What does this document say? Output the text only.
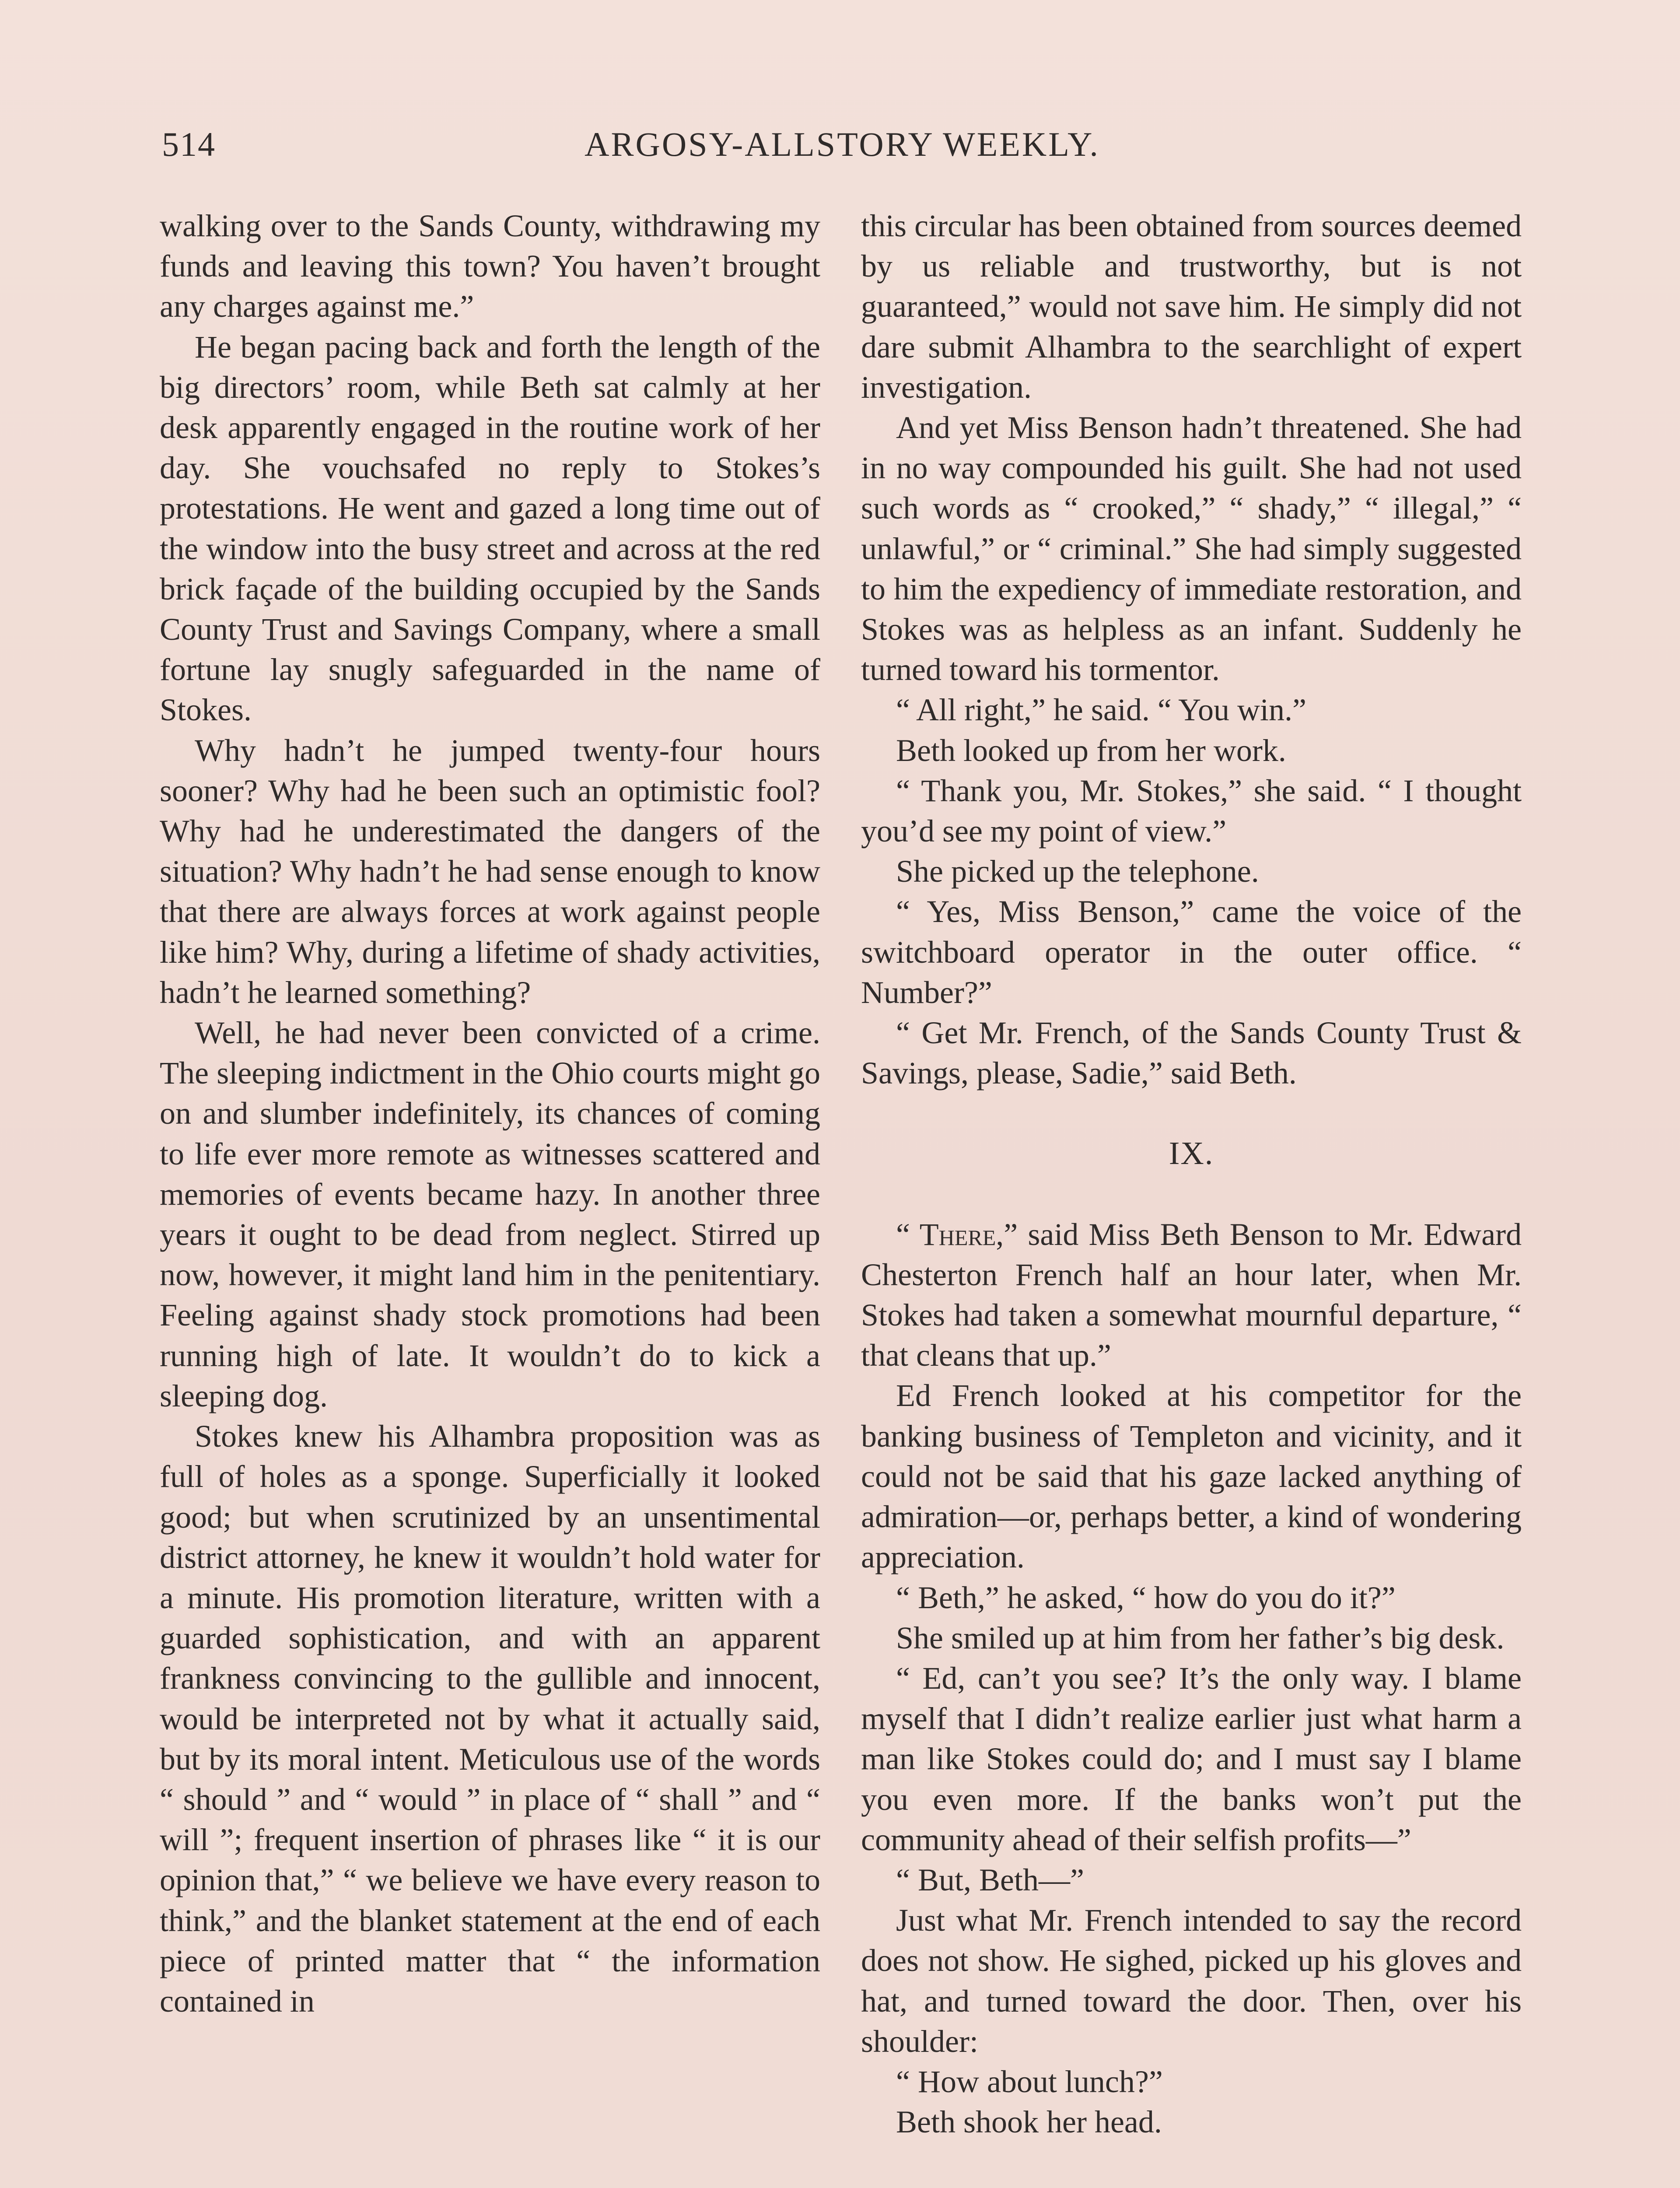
514	ARGOSY-ALLSTORY WEEKLY.

walking over to the Sands County, withdrawing my funds and leaving this town? You haven’t brought any charges against me.”

He began pacing back and forth the length of the big directors’ room, while Beth sat calmly at her desk apparently engaged in the routine work of her day. She vouchsafed no reply to Stokes’s protestations. He went and gazed a long time out of the window into the busy street and across at the red brick façade of the building occupied by the Sands County Trust and Savings Company, where a small fortune lay snugly safeguarded in the name of Stokes.

Why hadn’t he jumped twenty-four hours sooner? Why had he been such an optimistic fool? Why had he underestimated the dangers of the situation? Why hadn’t he had sense enough to know that there are always forces at work against people like him? Why, during a lifetime of shady activities, hadn’t he learned something?

Well, he had never been convicted of a crime. The sleeping indictment in the Ohio courts might go on and slumber indefinitely, its chances of coming to life ever more remote as witnesses scattered and memories of events became hazy. In another three years it ought to be dead from neglect. Stirred up now, however, it might land him in the penitentiary. Feeling against shady stock promotions had been running high of late. It wouldn’t do to kick a sleeping dog.

Stokes knew his Alhambra proposition was as full of holes as a sponge. Superficially it looked good; but when scrutinized by an unsentimental district attorney, he knew it wouldn’t hold water for a minute. His promotion literature, written with a guarded sophistication, and with an apparent frankness convincing to the gullible and innocent, would be interpreted not by what it actually said, but by its moral intent. Meticulous use of the words “ should ” and “ would ” in place of “ shall ” and “ will ”; frequent insertion of phrases like “ it is our opinion that,” “ we believe we have every reason to think,” and the blanket statement at the end of each piece of printed matter that “ the information contained in

this circular has been obtained from sources deemed by us reliable and trustworthy, but is not guaranteed,” would not save him. He simply did not dare submit Alhambra to the searchlight of expert investigation.

And yet Miss Benson hadn’t threatened. She had in no way compounded his guilt. She had not used such words as “ crooked,” “ shady,” “ illegal,” “ unlawful,” or “ criminal.” She had simply suggested to him the expediency of immediate restoration, and Stokes was as helpless as an infant. Suddenly he turned toward his tormentor.

“ All right,” he said. “ You win.”

Beth looked up from her work.

“ Thank you, Mr. Stokes,” she said. “ I thought you’d see my point of view.”

She picked up the telephone.

“ Yes, Miss Benson,” came the voice of the switchboard operator in the outer office. “ Number?”

“ Get Mr. French, of the Sands County Trust & Savings, please, Sadie,” said Beth.

IX.

“ There,” said Miss Beth Benson to Mr. Edward Chesterton French half an hour later, when Mr. Stokes had taken a somewhat mournful departure, “ that cleans that up.”

Ed French looked at his competitor for the banking business of Templeton and vicinity, and it could not be said that his gaze lacked anything of admiration—or, perhaps better, a kind of wondering appreciation.

“ Beth,” he asked, “ how do you do it?”

She smiled up at him from her father’s big desk.

“ Ed, can’t you see? It’s the only way. I blame myself that I didn’t realize earlier just what harm a man like Stokes could do; and I must say I blame you even more. If the banks won’t put the community ahead of their selfish profits—”

“ But, Beth—”

Just what Mr. French intended to say the record does not show. He sighed, picked up his gloves and hat, and turned toward the door. Then, over his shoulder:

“ How about lunch?”

Beth shook her head.
